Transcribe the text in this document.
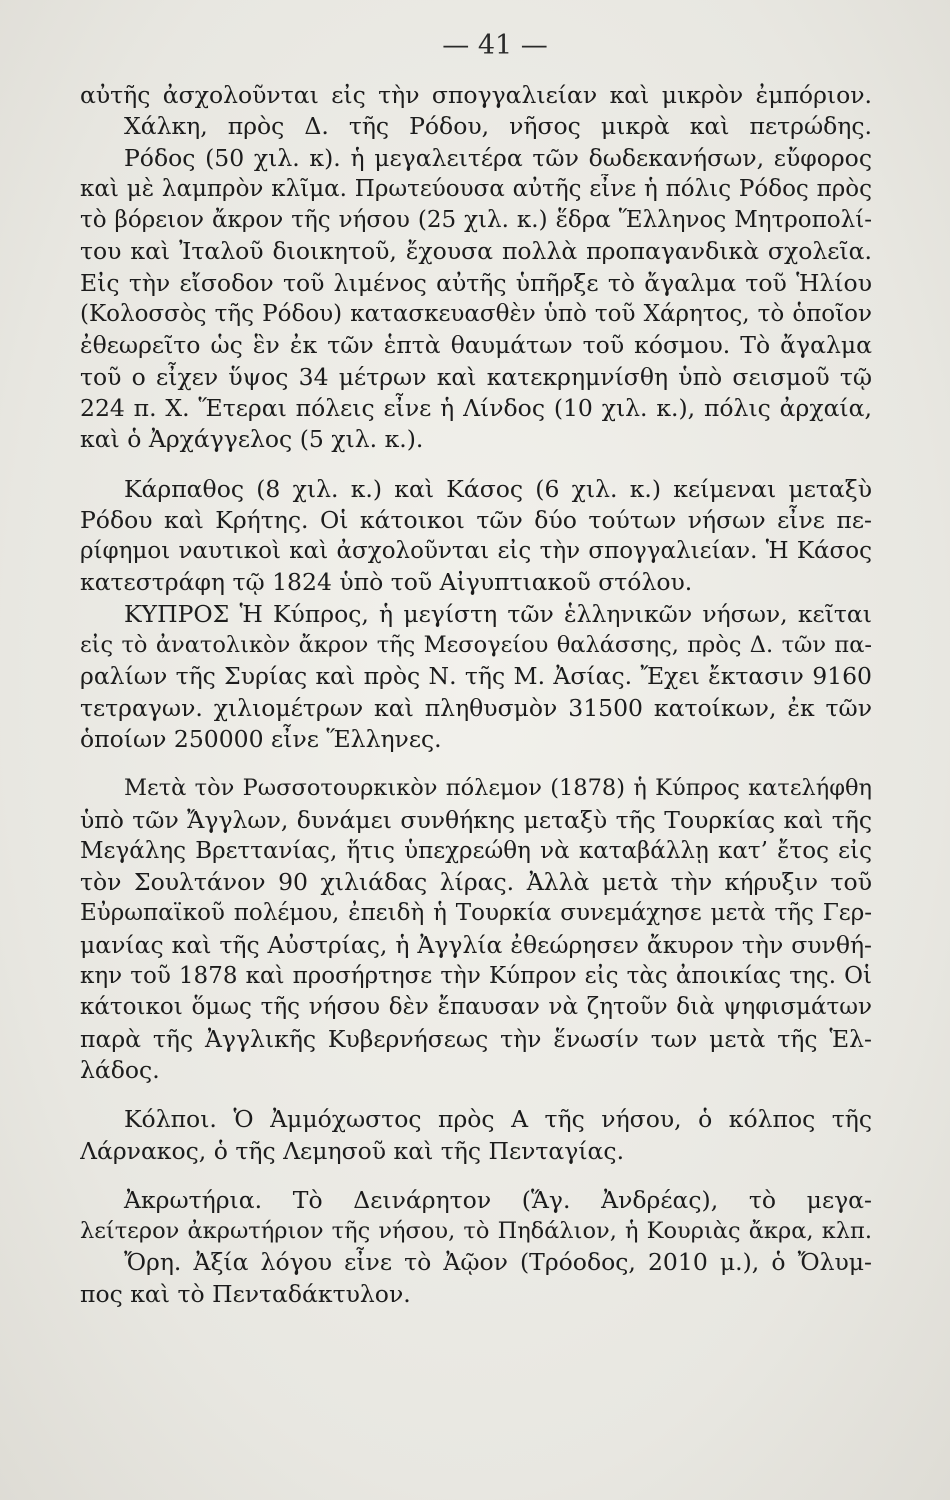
— 41 —
αὐτῆς ἀσχολοῦνται εἰς τὴν σπογγαλιείαν καὶ μικρὸν ἐμπόριον.
Χάλκη, πρὸς Δ. τῆς Ρόδου, νῆσος μικρὰ καὶ πετρώδης.
Ρόδος (50 χιλ. κ). ἡ μεγαλειτέρα τῶν δωδεκανήσων, εὔφορος
καὶ μὲ λαμπρὸν κλῖμα. Πρωτεύουσα αὐτῆς εἶνε ἡ πόλις Ρόδος πρὸς
τὸ βόρειον ἄκρον τῆς νήσου (25 χιλ. κ.) ἕδρα Ἕλληνος Μητροπολί-
του καὶ Ἰταλοῦ διοικητοῦ, ἔχουσα πολλὰ προπαγανδικὰ σχολεῖα.
Εἰς τὴν εἴσοδον τοῦ λιμένος αὐτῆς ὑπῆρξε τὸ ἄγαλμα τοῦ Ἡλίου
(Κολοσσὸς τῆς Ρόδου) κατασκευασθὲν ὑπὸ τοῦ Χάρητος, τὸ ὁποῖον
ἐθεωρεῖτο ὡς ἓν ἐκ τῶν ἑπτὰ θαυμάτων τοῦ κόσμου. Τὸ ἄγαλμα
τοῦ ο εἶχεν ὕψος 34 μέτρων καὶ κατεκρημνίσθη ὑπὸ σεισμοῦ τῷ
224 π. Χ. Ἕτεραι πόλεις εἶνε ἡ Λίνδος (10 χιλ. κ.), πόλις ἀρχαία,
καὶ ὁ Ἀρχάγγελος (5 χιλ. κ.).
Κάρπαθος (8 χιλ. κ.) καὶ Κάσος (6 χιλ. κ.) κείμεναι μεταξὺ
Ρόδου καὶ Κρήτης. Οἱ κάτοικοι τῶν δύο τούτων νήσων εἶνε πε-
ρίφημοι ναυτικοὶ καὶ ἀσχολοῦνται εἰς τὴν σπογγαλιείαν. Ἡ Κάσος
κατεστράφη τῷ 1824 ὑπὸ τοῦ Αἰγυπτιακοῦ στόλου.
ΚΥΠΡΟΣ Ἡ Κύπρος, ἡ μεγίστη τῶν ἑλληνικῶν νήσων, κεῖται
εἰς τὸ ἀνατολικὸν ἄκρον τῆς Μεσογείου θαλάσσης, πρὸς Δ. τῶν πα-
ραλίων τῆς Συρίας καὶ πρὸς Ν. τῆς Μ. Ἀσίας. Ἔχει ἔκτασιν 9160
τετραγων. χιλιομέτρων καὶ πληθυσμὸν 31500 κατοίκων, ἐκ τῶν
ὁποίων 250000 εἶνε Ἕλληνες.
Μετὰ τὸν Ρωσσοτουρκικὸν πόλεμον (1878) ἡ Κύπρος κατελήφθη
ὑπὸ τῶν Ἄγγλων, δυνάμει συνθήκης μεταξὺ τῆς Τουρκίας καὶ τῆς
Μεγάλης Βρεττανίας, ἥτις ὑπεχρεώθη νὰ καταβάλλῃ κατ’ ἔτος εἰς
τὸν Σουλτάνον 90 χιλιάδας λίρας. Ἀλλὰ μετὰ τὴν κήρυξιν τοῦ
Εὐρωπαϊκοῦ πολέμου, ἐπειδὴ ἡ Τουρκία συνεμάχησε μετὰ τῆς Γερ-
μανίας καὶ τῆς Αὐστρίας, ἡ Ἀγγλία ἐθεώρησεν ἄκυρον τὴν συνθή-
κην τοῦ 1878 καὶ προσήρτησε τὴν Κύπρον εἰς τὰς ἀποικίας της. Οἱ
κάτοικοι ὅμως τῆς νήσου δὲν ἔπαυσαν νὰ ζητοῦν διὰ ψηφισμάτων
παρὰ τῆς Ἀγγλικῆς Κυβερνήσεως τὴν ἕνωσίν των μετὰ τῆς Ἑλ-
λάδος.
Κόλποι. Ὁ Ἀμμόχωστος πρὸς Α τῆς νήσου, ὁ κόλπος τῆς
Λάρνακος, ὁ τῆς Λεμησοῦ καὶ τῆς Πενταγίας.
Ἀκρωτήρια. Τὸ Δεινάρητον (Ἅγ. Ἀνδρέας), τὸ μεγα-
λείτερον ἀκρωτήριον τῆς νήσου, τὸ Πηδάλιον, ἡ Κουριὰς ἄκρα, κλπ.
Ὄρη. Ἀξία λόγου εἶνε τὸ Ἀῷον (Τρόοδος, 2010 μ.), ὁ Ὄλυμ-
πος καὶ τὸ Πενταδάκτυλον.
